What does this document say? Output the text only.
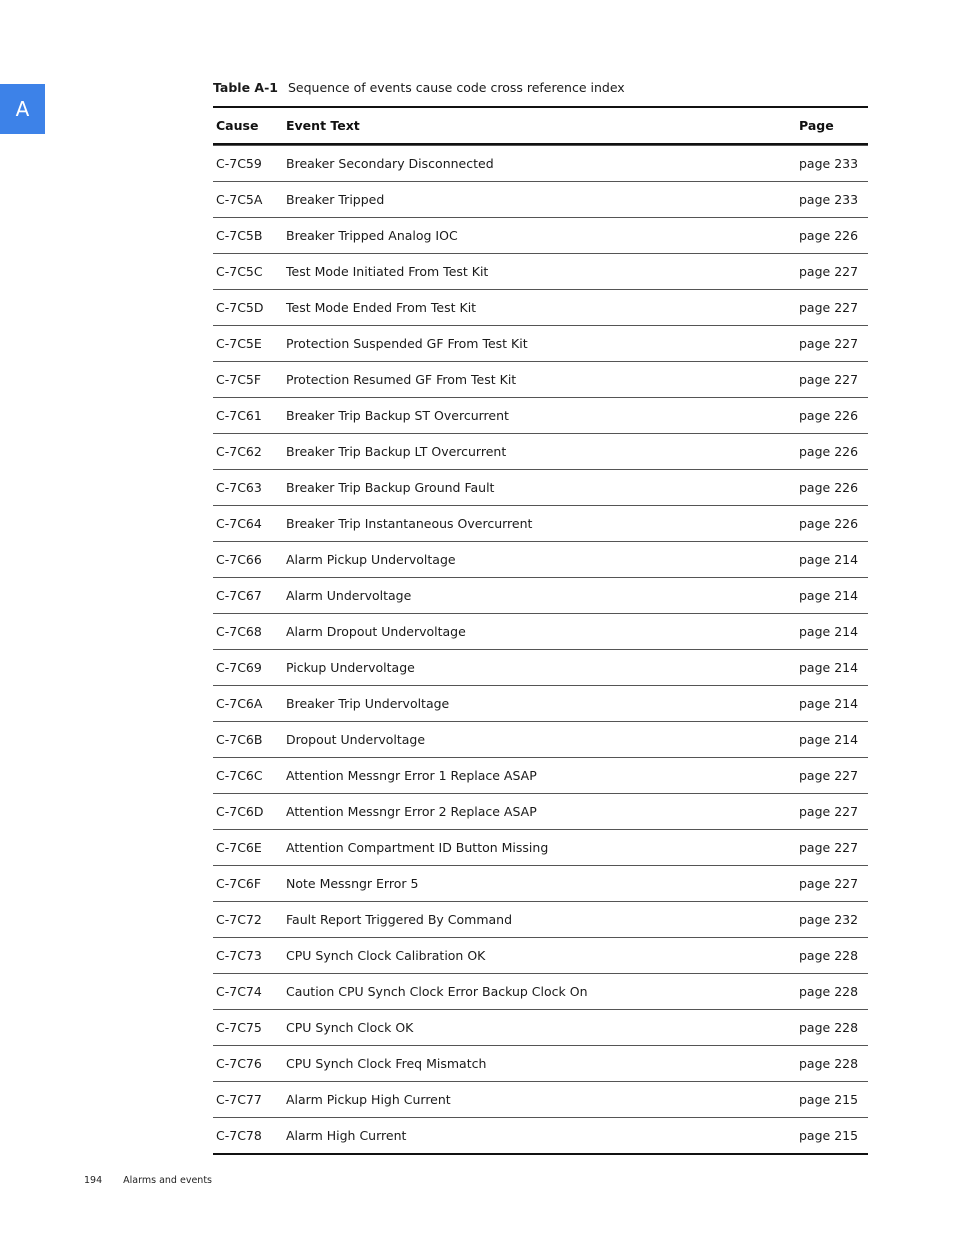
A
Table A-1 Sequence of events cause code cross reference index
Cause	Event Text	Page
C-7C59	Breaker Secondary Disconnected	page 233
C-7C5A	Breaker Tripped	page 233
C-7C5B	Breaker Tripped Analog IOC	page 226
C-7C5C	Test Mode Initiated From Test Kit	page 227
C-7C5D	Test Mode Ended From Test Kit	page 227
C-7C5E	Protection Suspended GF From Test Kit	page 227
C-7C5F	Protection Resumed GF From Test Kit	page 227
C-7C61	Breaker Trip Backup ST Overcurrent	page 226
C-7C62	Breaker Trip Backup LT Overcurrent	page 226
C-7C63	Breaker Trip Backup Ground Fault	page 226
C-7C64	Breaker Trip Instantaneous Overcurrent	page 226
C-7C66	Alarm Pickup Undervoltage	page 214
C-7C67	Alarm Undervoltage	page 214
C-7C68	Alarm Dropout Undervoltage	page 214
C-7C69	Pickup Undervoltage	page 214
C-7C6A	Breaker Trip Undervoltage	page 214
C-7C6B	Dropout Undervoltage	page 214
C-7C6C	Attention Messngr Error 1 Replace ASAP	page 227
C-7C6D	Attention Messngr Error 2 Replace ASAP	page 227
C-7C6E	Attention Compartment ID Button Missing	page 227
C-7C6F	Note Messngr Error 5	page 227
C-7C72	Fault Report Triggered By Command	page 232
C-7C73	CPU Synch Clock Calibration OK	page 228
C-7C74	Caution CPU Synch Clock Error Backup Clock On	page 228
C-7C75	CPU Synch Clock OK	page 228
C-7C76	CPU Synch Clock Freq Mismatch	page 228
C-7C77	Alarm Pickup High Current	page 215
C-7C78	Alarm High Current	page 215
194 Alarms and events
